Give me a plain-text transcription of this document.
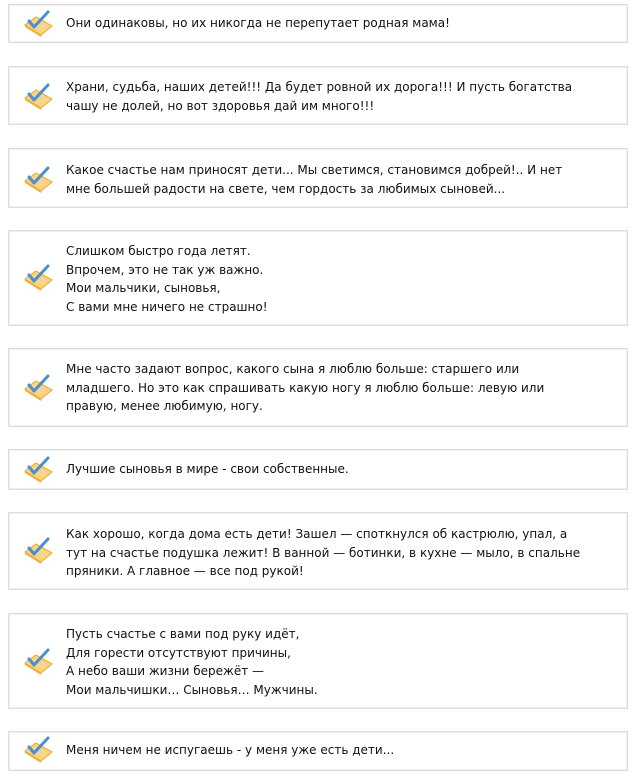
Они одинаковы, но их никогда не перепутает родная мама!

Храни, судьба, наших детей!!! Да будет ровной их дорога!!! И пусть богатства
чашу не долей, но вот здоровья дай им много!!!

Какое счастье нам приносят дети... Мы светимся, становимся добрей!.. И нет
мне большей радости на свете, чем гордость за любимых сыновей...

Слишком быстро года летят.
Впрочем, это не так уж важно.
Мои мальчики, сыновья,
С вами мне ничего не страшно!

Мне часто задают вопрос, какого сына я люблю больше: старшего или
младшего. Но это как спрашивать какую ногу я люблю больше: левую или
правую, менее любимую, ногу.

Лучшие сыновья в мире - свои собственные.

Как хорошо, когда дома есть дети! Зашел — споткнулся об кастрюлю, упал, а
тут на счастье подушка лежит! В ванной — ботинки, в кухне — мыло, в спальне
пряники. А главное — все под рукой!

Пусть счастье с вами под руку идёт,
Для горести отсутствуют причины,
А небо ваши жизни бережёт —
Мои мальчишки… Сыновья… Мужчины.

Меня ничем не испугаешь - у меня уже есть дети...
